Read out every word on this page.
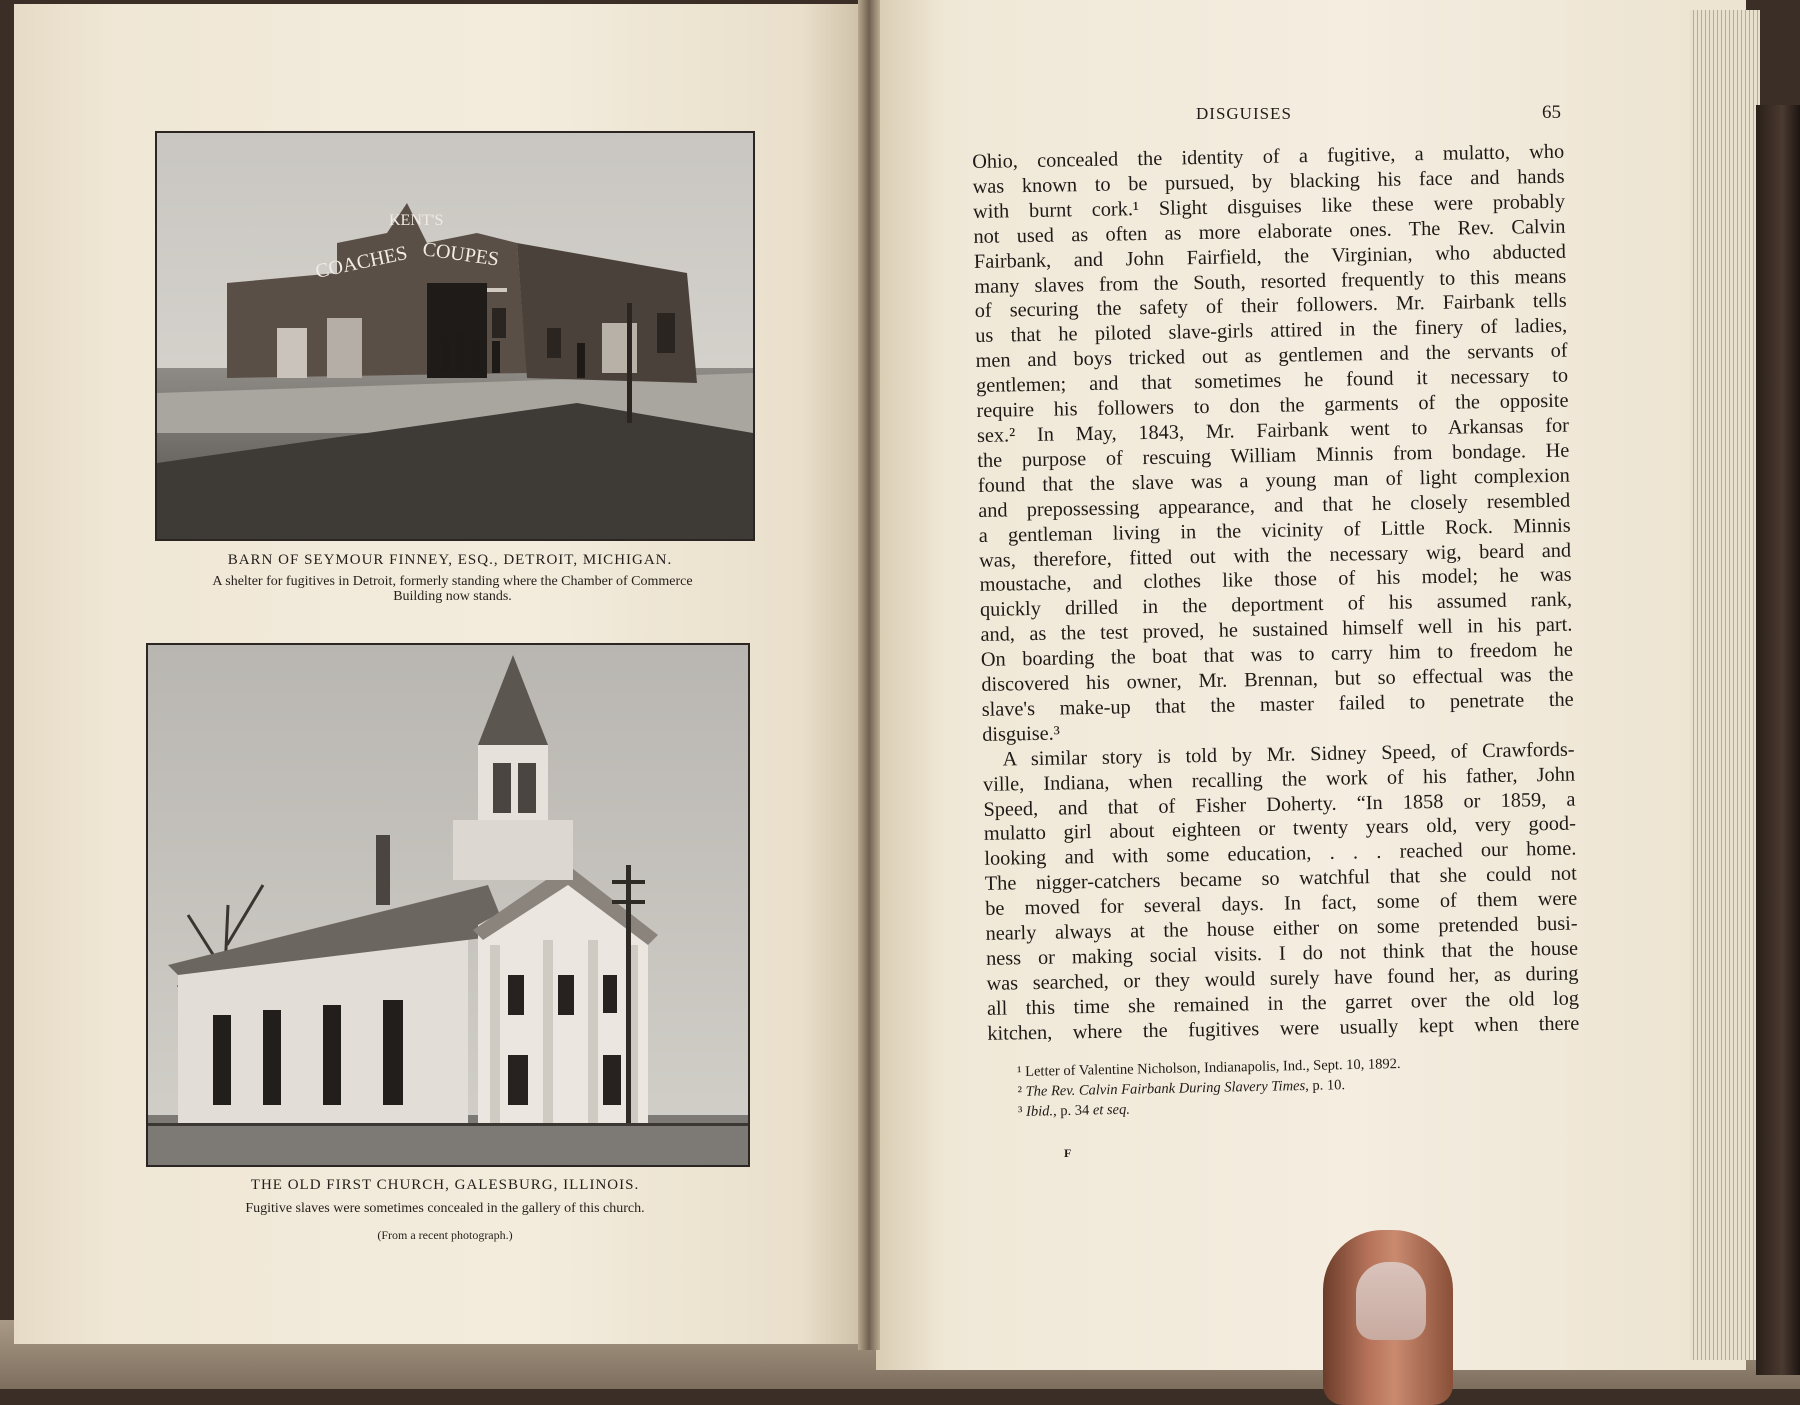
KENT'S
COACHES COUPES
BARN OF SEYMOUR FINNEY, ESQ., DETROIT, MICHIGAN.
A shelter for fugitives in Detroit, formerly standing where the Chamber of Commerce
Building now stands.
THE OLD FIRST CHURCH, GALESBURG, ILLINOIS.
Fugitive slaves were sometimes concealed in the gallery of this church.
(From a recent photograph.)
DISGUISES	65
Ohio, concealed the identity of a fugitive, a mulatto, who
was known to be pursued, by blacking his face and hands
with burnt cork.¹ Slight disguises like these were probably
not used as often as more elaborate ones. The Rev. Calvin
Fairbank, and John Fairfield, the Virginian, who abducted
many slaves from the South, resorted frequently to this means
of securing the safety of their followers. Mr. Fairbank tells
us that he piloted slave-girls attired in the finery of ladies,
men and boys tricked out as gentlemen and the servants of
gentlemen; and that sometimes he found it necessary to
require his followers to don the garments of the opposite
sex.² In May, 1843, Mr. Fairbank went to Arkansas for
the purpose of rescuing William Minnis from bondage. He
found that the slave was a young man of light complexion
and prepossessing appearance, and that he closely resembled
a gentleman living in the vicinity of Little Rock. Minnis
was, therefore, fitted out with the necessary wig, beard and
moustache, and clothes like those of his model; he was
quickly drilled in the deportment of his assumed rank,
and, as the test proved, he sustained himself well in his part.
On boarding the boat that was to carry him to freedom he
discovered his owner, Mr. Brennan, but so effectual was the
slave's make-up that the master failed to penetrate the
disguise.³
A similar story is told by Mr. Sidney Speed, of Crawfords-
ville, Indiana, when recalling the work of his father, John
Speed, and that of Fisher Doherty. “In 1858 or 1859, a
mulatto girl about eighteen or twenty years old, very good-
looking and with some education, . . . reached our home.
The nigger-catchers became so watchful that she could not
be moved for several days. In fact, some of them were
nearly always at the house either on some pretended busi-
ness or making social visits. I do not think that the house
was searched, or they would surely have found her, as during
all this time she remained in the garret over the old log
kitchen, where the fugitives were usually kept when there
¹ Letter of Valentine Nicholson, Indianapolis, Ind., Sept. 10, 1892.
² The Rev. Calvin Fairbank During Slavery Times, p. 10.
³ Ibid., p. 34 et seq.
F
